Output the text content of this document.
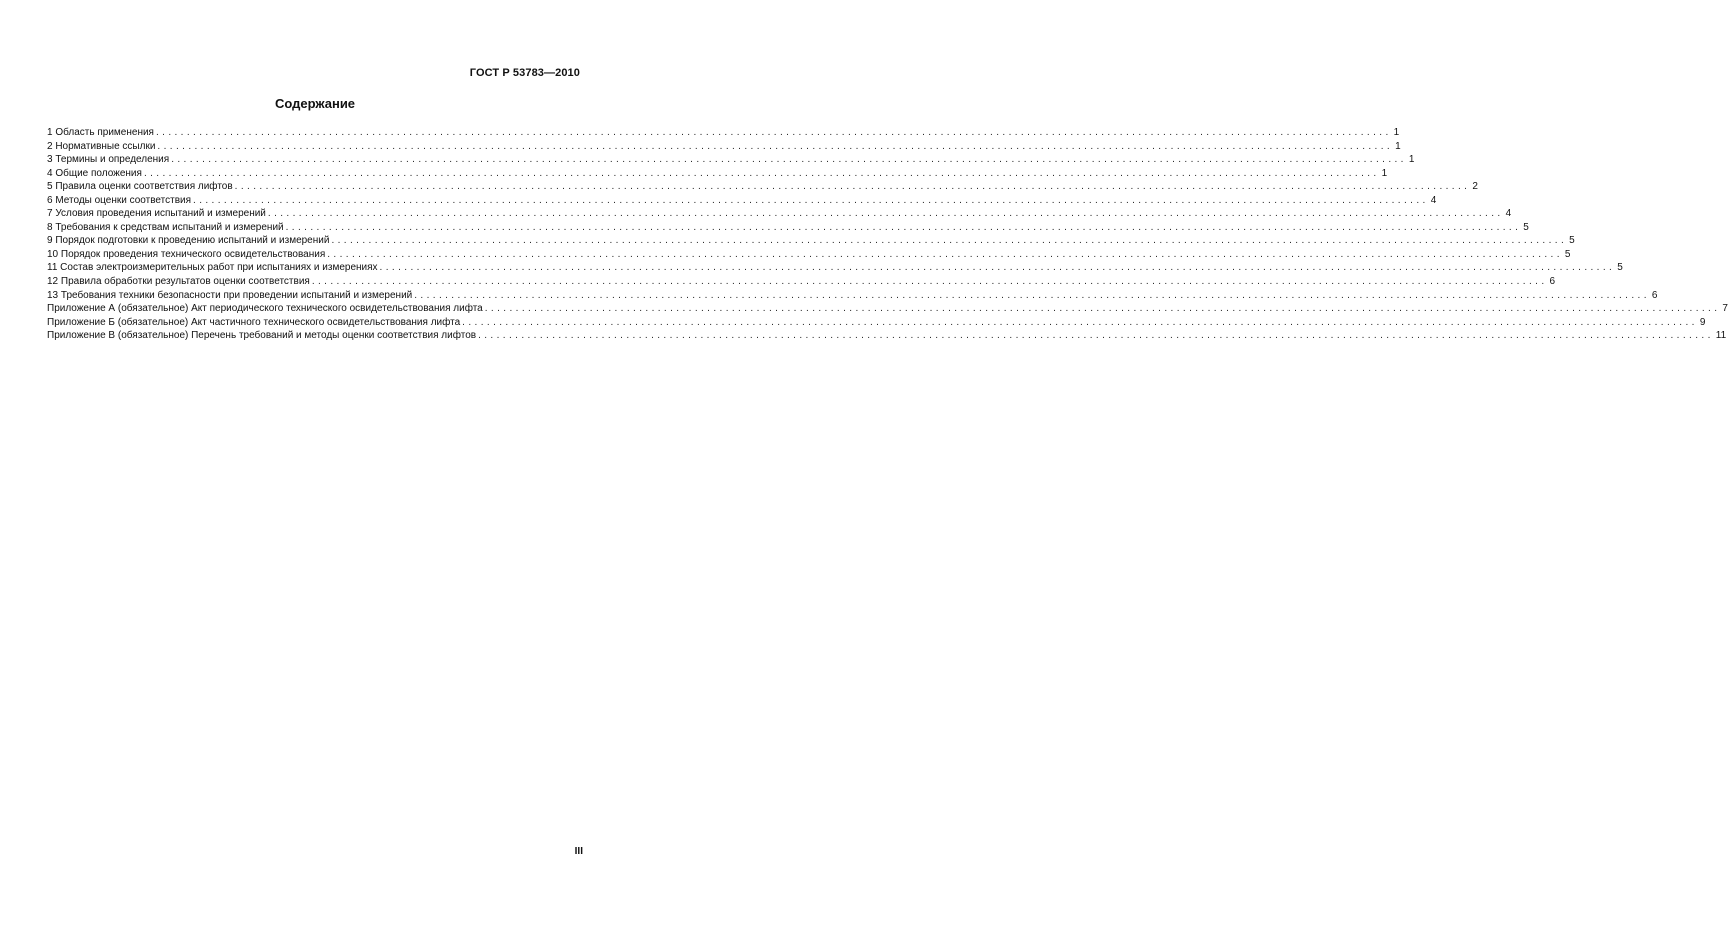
ГОСТ Р 53783—2010
Содержание
1 Область применения ........................................................................................................................................................................................................ 1
2 Нормативные ссылки ........................................................................................................................................................................................................ 1
3 Термины и определения ........................................................................................................................................................................................................ 1
4 Общие положения ........................................................................................................................................................................................................ 1
5 Правила оценки соответствия лифтов ........................................................................................................................................................................................................ 2
6 Методы оценки соответствия ........................................................................................................................................................................................................ 4
7 Условия проведения испытаний и измерений ........................................................................................................................................................................................................ 4
8 Требования к средствам испытаний и измерений ........................................................................................................................................................................................................ 5
9 Порядок подготовки к проведению испытаний и измерений ........................................................................................................................................................................................................ 5
10 Порядок проведения технического освидетельствования ........................................................................................................................................................................................................ 5
11 Состав электроизмерительных работ при испытаниях и измерениях ........................................................................................................................................................................................................ 5
12 Правила обработки результатов оценки соответствия ........................................................................................................................................................................................................ 6
13 Требования техники безопасности при проведении испытаний и измерений ........................................................................................................................................................................................................ 6
Приложение А (обязательное) Акт периодического технического освидетельствования лифта ........................................................................................................................................................................................................ 7
Приложение Б (обязательное) Акт частичного технического освидетельствования лифта ........................................................................................................................................................................................................ 9
Приложение В (обязательное) Перечень требований и методы оценки соответствия лифтов ........................................................................................................................................................................................................ 11
III
